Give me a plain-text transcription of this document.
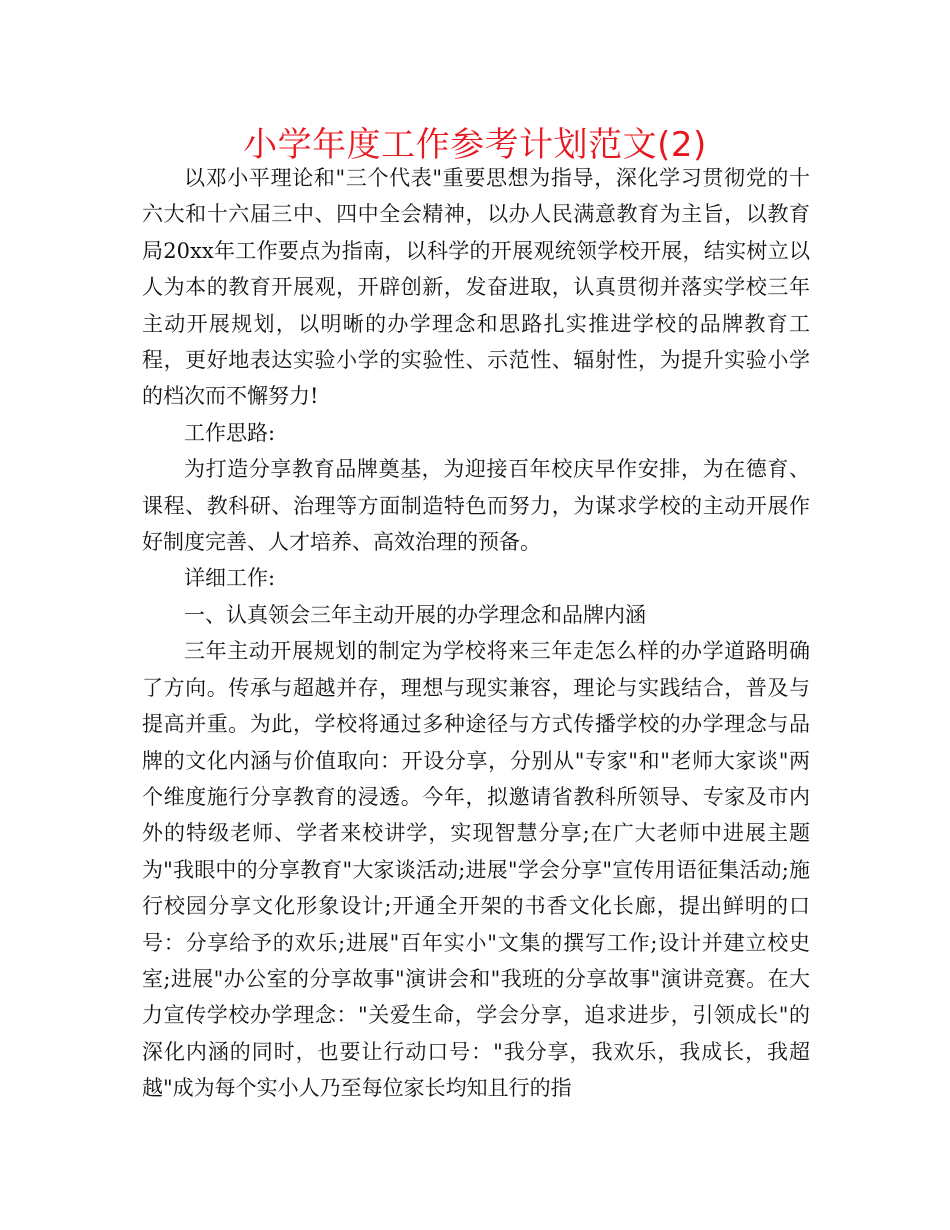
小学年度工作参考计划范文(2)

以邓小平理论和"三个代表"重要思想为指导，深化学习贯彻党的十六大和十六届三中、四中全会精神，以办人民满意教育为主旨，以教育局20xx年工作要点为指南，以科学的开展观统领学校开展，结实树立以人为本的教育开展观，开辟创新，发奋进取，认真贯彻并落实学校三年主动开展规划，以明晰的办学理念和思路扎实推进学校的品牌教育工程，更好地表达实验小学的实验性、示范性、辐射性，为提升实验小学的档次而不懈努力!

工作思路:

为打造分享教育品牌奠基，为迎接百年校庆早作安排，为在德育、课程、教科研、治理等方面制造特色而努力，为谋求学校的主动开展作好制度完善、人才培养、高效治理的预备。

详细工作:

一、认真领会三年主动开展的办学理念和品牌内涵

三年主动开展规划的制定为学校将来三年走怎么样的办学道路明确了方向。传承与超越并存，理想与现实兼容，理论与实践结合，普及与提高并重。为此，学校将通过多种途径与方式传播学校的办学理念与品牌的文化内涵与价值取向：开设分享，分别从"专家"和"老师大家谈"两个维度施行分享教育的浸透。今年，拟邀请省教科所领导、专家及市内外的特级老师、学者来校讲学，实现智慧分享;在广大老师中进展主题为"我眼中的分享教育"大家谈活动;进展"学会分享"宣传用语征集活动;施行校园分享文化形象设计;开通全开架的书香文化长廊，提出鲜明的口号：分享给予的欢乐;进展"百年实小"文集的撰写工作;设计并建立校史室;进展"办公室的分享故事"演讲会和"我班的分享故事"演讲竞赛。在大力宣传学校办学理念："关爱生命，学会分享，追求进步，引领成长"的深化内涵的同时，也要让行动口号："我分享，我欢乐，我成长，我超越"成为每个实小人乃至每位家长均知且行的指
